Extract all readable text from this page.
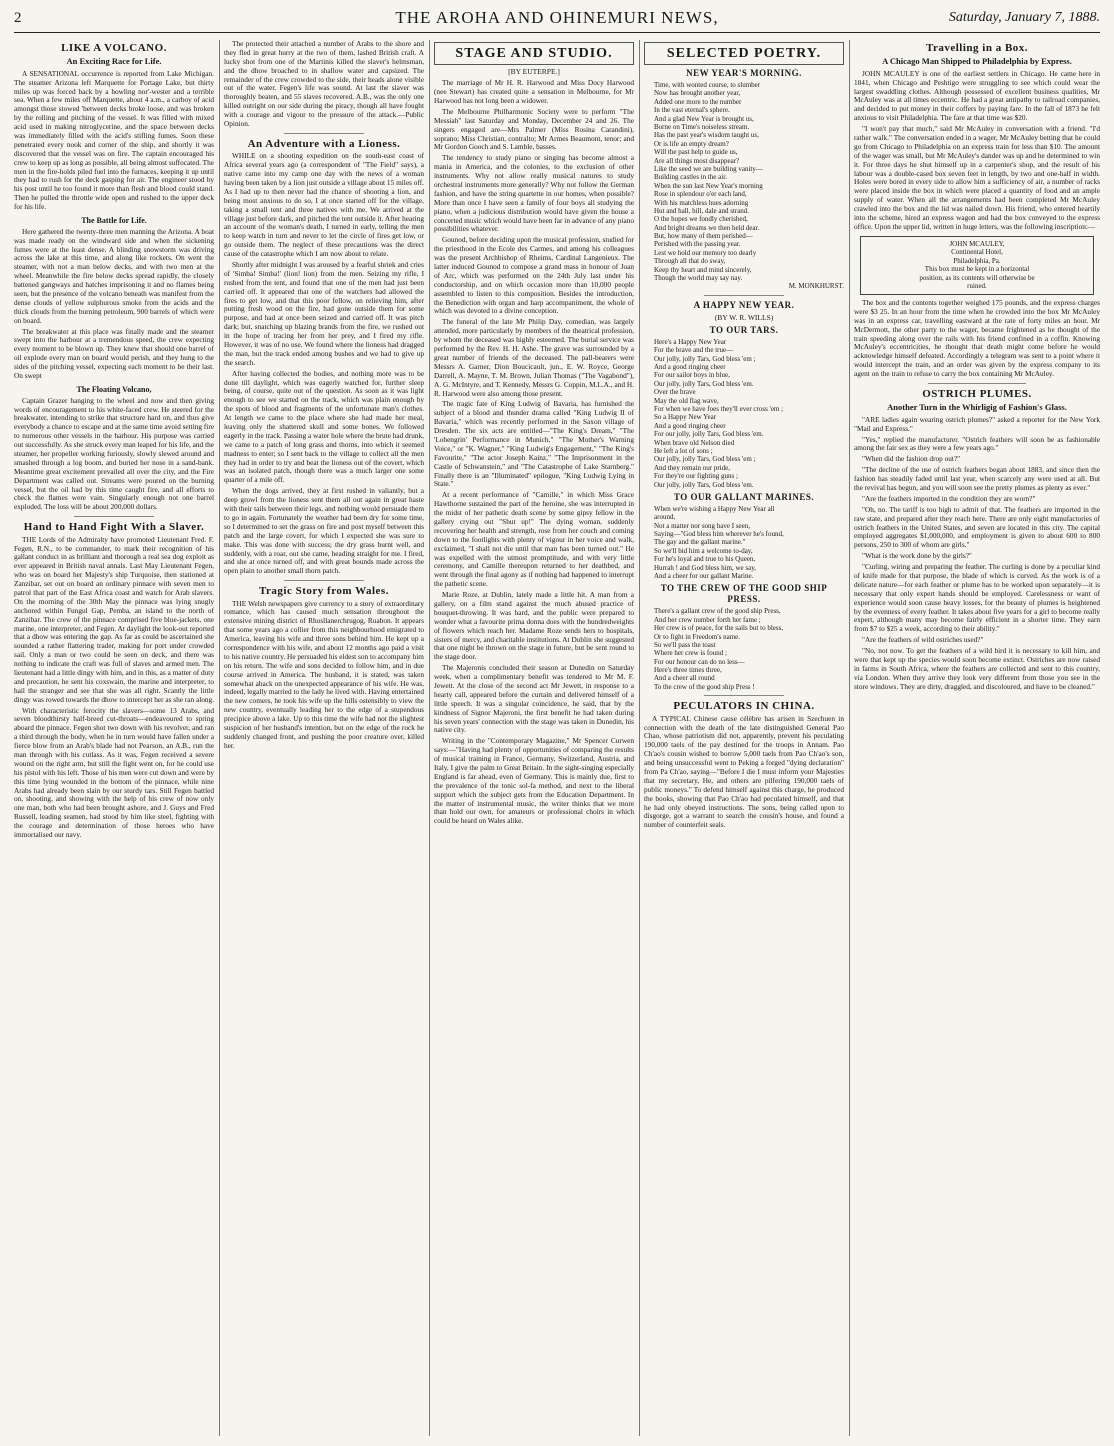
2	THE AROHA AND OHINEMURI NEWS,	Saturday, January 7, 1888.
LIKE A VOLCANO.
An Exciting Race for Life.

A SENSATIONAL occurrence is reported from Lake Michigan. The steamer Arizona left Marquette for Portage Lake, but thirty miles up was forced back by a howling nor'-wester and a terrible sea. When a few miles off Marquette, about 4 a.m., a carboy of acid amongst those stowed 'between decks broke loose, and was broken by the rolling and pitching of the vessel. It was filled with mixed acid used in making nitroglycerine, and the space between decks was immediately filled with the acid's stifling fumes. Soon these penetrated every nook and corner of the ship, and shortly it was discovered that the vessel was on fire. The captain encouraged his crew to keep up as long as possible, all being almost suffocated. The men in the fire-holds piled fuel into the furnaces, keeping it up until they had to rush for the deck gasping for air. The engineer stood by his post until he too found it more than flesh and blood could stand. Then he pulled the throttle wide open and rushed to the upper deck for his life.

The Battle for Life.

Here gathered the twenty-three men manning the Arizona. A boat was made ready on the windward side and when the sickening fumes were at the least dense. A blinding snowstorm was driving across the lake at this time, and along like rockets. On went the steamer, with not a man below decks, and with two men at the wheel. Meanwhile the fire below decks spread rapidly, the closely battened gangways and hatches imprisoning it and no flames being seen, but the presence of the volcano beneath was manifest from the dense clouds of yellow sulphurous smoke from the acids and the thick clouds from the burning petroleum, 900 barrels of which were on board.

The breakwater at this place was finally made and the steamer swept into the harbour at a tremendous speed, the crew expecting every moment to be blown up. They knew that should one barrel of oil explode every man on board would perish, and they hung to the sides of the pitching vessel, expecting each moment to be their last. On swept

The Floating Volcano,

Captain Grazer hanging to the wheel and now and then giving words of encouragement to his white-faced crew. He steered for the breakwater, intending to strike that structure hard on, and thus give everybody a chance to escape and at the same time avoid setting fire to numerous other vessels in the harbour. His purpose was carried out successfully. As she struck every man leaped for his life, and the steamer, her propeller working furiously, slowly slewed around and smashed through a log boom, and buried her nose in a sand-bank. Meantime great excitement prevailed all over the city, and the Fire Department was called out. Streams were poured on the burning vessel, but the oil had by this time caught fire, and all efforts to check the flames were vain. Singularly enough not one barrel exploded. The loss will be about 200,000 dollars.

Hand to Hand Fight With a Slaver.

THE Lords of the Admiralty have promoted Lieutenant Fred. F. Fegen, R.N., to be commander, to mark their recognition of his gallant conduct in as brilliant and thorough a real sea dog exploit as ever appeared in British naval annals. Last May Lieutenant Fegen, who was on board her Majesty's ship Turquoise, then stationed at Zanzibar, set out on board an ordinary pinnace with seven men to patrol that part of the East Africa coast and watch for Arab slavers. On the morning of the 30th May the pinnace was lying snugly anchored within Fungul Gap, Pemba, an island to the north of Zanzibar. The crew of the pinnace comprised five blue-jackets, one marine, one interpreter, and Fegen. At daylight the look-out reported that a dhow was entering the gap. As far as could be ascertained she sounded a rather flattering trader, making for port under crowded sail. Only a man or two could be seen on deck, and there was nothing to indicate the craft was full of slaves and armed men. The lieutenant had a little dingy with him, and in this, as a matter of duty and precaution, he sent his coxswain, the marine and interpreter, to hail the stranger and see that she was all right. Scantly the little dingy was rowed towards the dhow to intercept her as she ran along.

With characteristic ferocity the slavers—some 13 Arabs, and seven bloodthirsty half-breed cut-throats—endeavoured to spring aboard the pinnace. Fegen shot two down with his revolver, and ran a third through the body, when he in turn would have fallen under a fierce blow from an Arab's blade had not Pearson, an A.B., run the man through with his cutlass. As it was, Fegen received a severe wound on the right arm, but still the fight went on, for he could use his pistol with his left. Those of his men were cut down and were by this time lying wounded in the bottom of the pinnace, while nine Arabs had already been slain by our sturdy tars. Still Fegen battled on, shooting, and showing with the help of his crew of now only one man, both who had been brought ashore, and J. Guys and Fred Russell, leading seamen, had stood by him like steel, fighting with the courage and determination of those heroes who have immortalised our navy.

The protected their attached a number of Arabs to the shore and they fled in great hurry at the two of them, lashed British craft. A lucky shot from one of the Martinis killed the slaver's helmsman, and the dhow broached to in shallow water and capsized. The remainder of the crew crowded to the side, their heads alone visible out of the water. Fegen's life was sound. At last the slaver was thoroughly beaten, and 55 slaves recovered. A.B., was the only one killed outright on our side during the piracy, though all have fought with a courage and vigour to the pressure of the attack.—Public Opinion.

An Adventure with a Lioness.

WHILE on a shooting expedition on the south-east coast of Africa several years ago (a correspondent of "The Field" says), a native came into my camp one day with the news of a woman having been taken by a lion just outside a village about 15 miles off. As I had up to then never had the chance of shooting a lion, and being most anxious to do so, I at once started off for the village, taking a small tent and three natives with me. We arrived at the village just before dark, and pitched the tent outside it. After hearing an account of the woman's death, I turned in early, telling the men to keep watch in turn and never to let the circle of fires get low, or go outside them. The neglect of these precautions was the direct cause of the catastrophe which I am now about to relate.

Shortly after midnight I was aroused by a fearful shriek and cries of 'Simba! Simba!' (lion! lion) from the men. Seizing my rifle, I rushed from the tent, and found that one of the men had just been carried off. It appeared that one of the watchers had allowed the fires to get low, and that this poor fellow, on relieving him, after putting fresh wood on the fire, had gone outside them for some purpose, and had at once been seized and carried off. It was pitch dark; but, snatching up blazing brands from the fire, we rushed out in the hope of tracing her from her prey, and I fired my rifle. However, it was of no use. We found where the lioness had dragged the man, but the track ended among bushes and we had to give up the search.

After having collected the bodies, and nothing more was to be done till daylight, which was eagerly watched for, further sleep being, of course, quite out of the question. As soon as it was light enough to see we started on the track, which was plain enough by the spots of blood and fragments of the unfortunate man's clothes. At length we came to the place where she had made her meal, leaving only the shattered skull and some bones. We followed eagerly in the track. Passing a water hole where the brute had drunk, we came to a patch of long grass and thorns, into which it seemed madness to enter; so I sent back to the village to collect all the men they had in order to try and beat the lioness out of the covert, which was an isolated patch, though there was a much larger one some quarter of a mile off.

When the dogs arrived, they at first rushed in valiantly, but a deep growl from the lioness sent them all out again in great haste with their tails between their legs, and nothing would persuade them to go in again. Fortunately the weather had been dry for some time, so I determined to set the grass on fire and post myself between this patch and the large covert, for which I expected she was sure to make. This was done with success; the dry grass burnt well, and suddenly, with a roar, out she came, heading straight for me. I fired, and she at once turned off, and with great bounds made across the open plain to another small thorn patch.

Tragic Story from Wales.

THE Welsh newspapers give currency to a story of extraordinary romance, which has caused much sensation throughout the extensive mining district of Rhosllanerchrugog, Ruabon. It appears that some years ago a collier from this neighbourhood emigrated to America, leaving his wife and three sons behind him. He kept up a correspondence with his wife, and about 12 months ago paid a visit to his native country. He persuaded his eldest son to accompany him on his return. The wife and sons decided to follow him, and in due course arrived in America. The husband, it is stated, was taken somewhat aback on the unexpected appearance of his wife. He was, indeed, legally married to the lady he lived with. Having entertained the new comers, he took his wife up the hills ostensibly to view the new country, eventually leading her to the edge of a stupendous precipice above a lake. Up to this time the wife had not the slightest suspicion of her husband's intention, but on the edge of the rock he suddenly changed front, and pushing the poor creature over, killed her.

STAGE AND STUDIO.
[BY EUTERPE.]

The marriage of Mr H. R. Harwood and Miss Docy Harwood (nee Stewart) has created quite a sensation in Melbourne, for Mr Harwood has not long been a widower.

The Melbourne Philharmonic Society were to perform "The Messiah" last Saturday and Monday, December 24 and 26. The singers engaged are—Mrs Palmer (Miss Rosina Carandini), soprano; Miss Christian, contralto; Mr Armes Beaumont, tenor; and Mr Gordon Gooch and S. Lamble, basses.

The tendency to study piano or singing has become almost a mania in America, and the colonies, to the exclusion of other instruments. Why not allow really musical natures to study orchestral instruments more generally? Why not follow the German fashion, and have the string quartette in our homes, when possible? More than once I have seen a family of four boys all studying the piano, when a judicious distribution would have given the house a concerted music which would have been far in advance of any piano possibilities whatever.

Gounod, before deciding upon the musical profession, studied for the priesthood in the Ecole des Carmes, and among his colleagues was the present Archbishop of Rheims, Cardinal Langenieux. The latter induced Gounod to compose a grand mass in honour of Joan of Arc, which was performed on the 24th July last under his conductorship, and on which occasion more than 10,000 people assembled to listen to this composition. Besides the introduction, the Benediction with organ and harp accompaniment, the whole of which was devoted to a divine conception.

The funeral of the late Mr Philip Day, comedian, was largely attended, more particularly by members of the theatrical profession, by whom the deceased was highly esteemed. The burial service was performed by the Rev. H. H. Ashe. The grave was surrounded by a great number of friends of the deceased. The pall-bearers were Messrs A. Garner, Dion Boucicault, jun., E. W. Royce, George Darrell, A. Mayne, T. M. Brown, Julian Thomas ("The Vagabond"), A. G. McIntyre, and T. Kennedy, Messrs G. Coppin, M.L.A., and H. R. Harwood were also among those present.

The tragic fate of King Ludwig of Bavaria, has furnished the subject of a blood and thunder drama called "King Ludwig II of Bavaria," which was recently performed in the Saxon village of Dresden. The six acts are entitled—"The King's Dream," "The 'Lohengrin' Performance in Munich," "The Mother's Warning Voice," or "K. Wagner," "King Ludwig's Engagement," "The King's Favourite," "The actor Joseph Kainz," "The Imprisonment in the Castle of Schwanstein," and "The Catastrophe of Lake Starnberg." Finally there is an "Illuminated" epilogue, "King Ludwig Lying in State."

At a recent performance of "Camille," in which Miss Grace Hawthorne sustained the part of the heroine, she was interrupted in the midst of her pathetic death scene by some gipsy fellow in the gallery crying out "Shut up!" The dying woman, suddenly recovering her health and strength, rose from her couch and coming down to the footlights with plenty of vigour in her voice and walk, exclaimed, "I shall not die until that man has been turned out." He was expelled with the utmost promptitude, and with very little ceremony, and Camille thereupon returned to her deathbed, and went through the final agony as if nothing had happened to interrupt the pathetic scene.

Marie Roze, at Dublin, lately made a little hit. A man from a gallery, on a film stand against the much abused practice of bouquet-throwing. It was hard, and the public were prepared to wonder what a favourite prima donna does with the hundredweights of flowers which reach her. Madame Roze sends hers to hospitals, sisters of mercy, and charitable institutions. At Dublin she suggested that one night be thrown on the stage in future, but be sent round to the stage door.

The Majeronis concluded their season at Dunedin on Saturday week, when a complimentary benefit was tendered to Mr M. F. Jewett. At the close of the second act Mr Jewett, in response to a hearty call, appeared before the curtain and delivered himself of a little speech. It was a singular coincidence, he said, that by the kindness of Signor Majeroni, the first benefit he had taken during his seven years' connection with the stage was taken in Dunedin, his native city.

Writing in the "Contemporary Magazine," Mr Spencer Curwen says:—"Having had plenty of opportunities of comparing the results of musical training in France, Germany, Switzerland, Austria, and Italy, I give the palm to Great Britain. In the sight-singing especially England is far ahead, even of Germany. This is mainly due, first to the prevalence of the tonic sol-fa method, and next to the liberal support which the subject gets from the Education Department. In the matter of instrumental music, the writer thinks that we more than hold our own, for amateurs or professional choirs in which could be heard on Wales alike.

SELECTED POETRY.
NEW YEAR'S MORNING.
Time, with wonted course, to slumber
Now has brought another year,
Added one more to the number
In the vast eternal's sphere.
And a glad New Year is brought us,
Borne on Time's noiseless stream.
Has the past year's wisdom taught us,
Or is life an empty dream?
Will the past help to guide us,
Are all things most disappear?
Like the seed we are building vanity—
Building castles in the air.
When the sun last New Year's morning
Rose in splendour o'er each land,
With his matchless hues adorning
Hut and hall, hill, dale and strand.
O the hopes we fondly cherished,
And bright dreams we then held dear.
But, how many of them perished—
Perished with the passing year.
Lest we hold our memory too dearly
Through all that do sway,
Keep thy heart and mind sincerely,
Though the world may say nay.
M. MONKHURST.
A HAPPY NEW YEAR.
(BY W. R. WILLS)
TO OUR TARS.
Here's a Happy New Year
For the brave and the true—
Our jolly, jolly Tars, God bless 'em ;
And a good ringing cheer
For our sailor boys in blue,
Our jolly, jolly Tars, God bless 'em.
Over the brave
May the old flag wave,
For when we have foes they'll ever cross 'em ;
So a Happy New Year
And a good ringing cheer
For our jolly, jolly Tars, God bless 'em.
When brave old Nelson died
He left a lot of sons ;
Our jolly, jolly Tars, God bless 'em ;
And they remain our pride,
For they're our fighting guns ;
Our jolly, jolly Tars, God bless 'em.
TO OUR GALLANT MARINES.
When we're wishing a Happy New Year all
around,
Not a matter nor song have I seen,
Saying—"God bless him wherever he's found,
The gay and the gallant marine."
So we'll bid him a welcome to-day,
For he's loyal and true to his Queen,
Hurrah ! and God bless him, we say,
And a cheer for our gallant Marine.
TO THE CREW OF THE GOOD SHIP PRESS.
There's a gallant crew of the good ship Press,
And her crew number forth her fame ;
Her crew is of peace, for the sails but to bless,
Or to fight in Freedom's name.
So we'll pass the toast
Where her crew is found ;
For our honour can do no less—
Here's three times three,
And a cheer all round
To the crew of the good ship Press !
PECULATORS IN CHINA.

A TYPICAL Chinese cause célèbre has arisen in Szechuen in connection with the death of the late distinguished General Pao Chao, whose patriotism did not, apparently, prevent his peculating 190,000 taels of the pay destined for the troops in Annam. Pao Ch'ao's cousin wished to borrow 5,000 taels from Pao Ch'ao's son, and being unsuccessful went to Peking a forged "dying declaration" from Pa Ch'ao, saying—"Before I die I must inform your Majesties that my secretary, He, and others are pilfering 190,000 taels of public moneys." To defend himself against this charge, he produced the books, showing that Pao Ch'ao had peculated himself, and that he had only obeyed instructions. The sons, being called upon to disgorge, got a warrant to search the cousin's house, and found a number of counterfeit seals.

Travelling in a Box.
A Chicago Man Shipped to Philadelphia by Express.

JOHN MCAULEY is one of the earliest settlers in Chicago. He came here in 1841, when Chicago and Peshtigo were struggling to see which could wear the largest swaddling clothes. Although possessed of excellent business qualities, Mr McAuley was at all times eccentric. He had a great antipathy to railroad companies, and decided to put money in their coffers by paying fare. In the fall of 1873 he felt anxious to visit Philadelphia. The fare at that time was $20.

"I won't pay that much," said Mr McAuley in conversation with a friend. "I'd rather walk." The conversation ended in a wager, Mr McAuley betting that he could go from Chicago to Philadelphia on an express train for less than $10. The amount of the wager was small, but Mr McAuley's dander was up and he determined to win it. For three days he shut himself up in a carpenter's shop, and the result of his labour was a double-cased box seven feet in length, by two and one-half in width. Holes were bored in every side to allow him a sufficiency of air, a number of racks were placed inside the box in which were placed a quantity of food and an ample supply of water. When all the arrangements had been completed Mr McAuley crawled into the box and the lid was nailed down. His friend, who entered heartily into the scheme, hired an express wagon and had the box conveyed to the express office. Upon the upper lid, written in huge letters, was the following inscription:—

JOHN MCAULEY,
Continental Hotel,
Philadelphia, Pa.
This box must be kept in a horizontal
position, as its contents will otherwise be
ruined.

The box and the contents together weighed 175 pounds, and the express charges were $3 25. In an hour from the time when he crowded into the box Mr McAuley was in an express car, travelling eastward at the rate of forty miles an hour. Mr McDermott, the other party to the wager, became frightened as he thought of the train speeding along over the rails with his friend confined in a coffin. Knowing McAuley's eccentricities, he thought that death might come before he would acknowledge himself defeated. Accordingly a telegram was sent to a point where it would intercept the train, and an order was given by the express company to its agent on the train to refuse to carry the box containing Mr McAuley.

OSTRICH PLUMES.
Another Turn in the Whirligig of Fashion's Glass.

"ARE ladies again wearing ostrich plumes?" asked a reporter for the New York "Mail and Express."

"Yes," replied the manufacturer. "Ostrich feathers will soon be as fashionable among the fair sex as they were a few years ago."

"When did the fashion drop out?"

"The decline of the use of ostrich feathers began about 1883, and since then the fashion has steadily faded until last year, when scarcely any were used at all. But the revival has begun, and you will soon see the pretty plumes as plenty as ever."

"Are the feathers imported in the condition they are worn?"

"Oh, no. The tariff is too high to admit of that. The feathers are imported in the raw state, and prepared after they reach here. There are only eight manufactories of ostrich feathers in the United States, and seven are located in this city. The capital employed aggregates $1,000,000, and employment is given to about 600 to 800 persons, 250 to 300 of whom are girls."

"What is the work done by the girls?"

"Curling, wiring and preparing the feather. The curling is done by a peculiar kind of knife made for that purpose, the blade of which is curved. As the work is of a delicate nature—for each feather or plume has to be worked upon separately—it is necessary that only expert hands should be employed. Carelessness or want of experience would soon cause heavy losses, for the beauty of plumes is heightened by the evenness of every feather. It takes about five years for a girl to become really expert, although many may become fairly efficient in a shorter time. They earn from $7 to $25 a week, according to their ability."

"Are the feathers of wild ostriches used?"

"No, not now. To get the feathers of a wild bird it is necessary to kill him, and were that kept up the species would soon become extinct. Ostriches are now raised in farms in South Africa, where the feathers are collected and sent to this country, via London. When they arrive they look very different from those you see in the store windows. They are dirty, draggled, and discoloured, and have to be cleaned."
